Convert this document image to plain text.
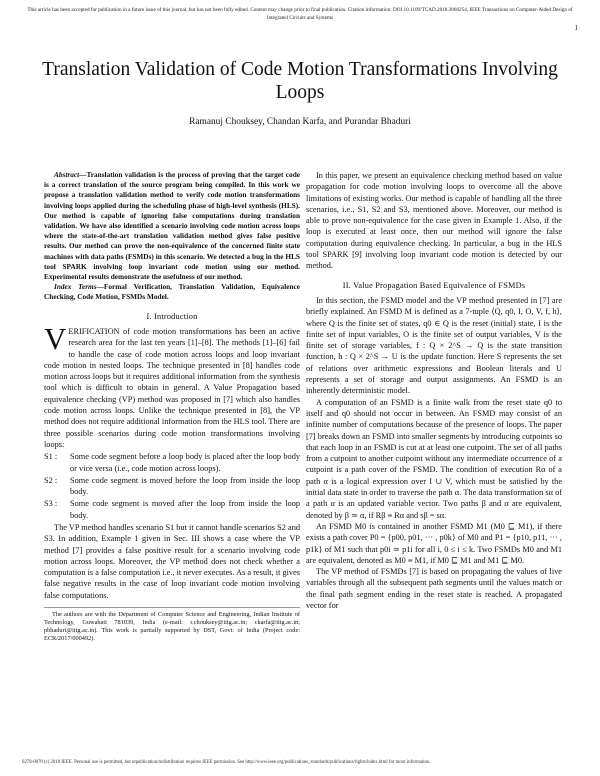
This article has been accepted for publication in a future issue of this journal, but has not been fully edited. Content may change prior to final publication. Citation information: DOI 10.1109/TCAD.2018.2866254, IEEE Transactions on Computer-Aided Design of Integrated Circuits and Systems
1
Translation Validation of Code Motion Transformations Involving Loops
Ramanuj Chouksey, Chandan Karfa, and Purandar Bhaduri

Abstract—Translation validation is the process of proving that the target code is a correct translation of the source program being compiled. In this work we propose a translation validation method to verify code motion transformations involving loops applied during the scheduling phase of high-level synthesis (HLS). Our method is capable of ignoring false computations during translation validation. We have also identified a scenario involving code motion across loops where the state-of-the-art translation validation method gives false positive results. Our method can prove the non-equivalence of the concerned finite state machines with data paths (FSMDs) in this scenario. We detected a bug in the HLS tool SPARK involving loop invariant code motion using our method. Experimental results demonstrate the usefulness of our method.

Index Terms—Formal Verification, Translation Validation, Equivalence Checking, Code Motion, FSMDs Model.

I. Introduction

VERIFICATION of code motion transformations has been an active research area for the last ten years [1]–[8]. The methods [1]–[6] fail to handle the case of code motion across loops and loop invariant code motion in nested loops. The technique presented in [8] handles code motion across loops but it requires additional information from the synthesis tool which is difficult to obtain in general. A Value Propagation based equivalence checking (VP) method was proposed in [7] which also handles code motion across loops. Unlike the technique presented in [8], the VP method does not require additional information from the HLS tool. There are three possible scenarios during code motion transformations involving loops:

S1 :	Some code segment before a loop body is placed after the loop body or vice versa (i.e., code motion across loops).
S2 :	Some code segment is moved before the loop from inside the loop body.
S3 :	Some code segment is moved after the loop from inside the loop body.

The VP method handles scenario S1 but it cannot handle scenarios S2 and S3. In addition, Example 1 given in Sec. III shows a case where the VP method [7] provides a false positive result for a scenario involving code motion across loops. Moreover, the VP method does not check whether a computation is a false computation i.e., it never executes. As a result, it gives false negative results in the case of loop invariant code motion involving false computations.

The authors are with the Department of Computer Science and Engineering, Indian Institute of Technology, Guwahati 781039, India (e-mail: r.chouksey@iitg.ac.in; ckarfa@iitg.ac.in; pbhaduri@iitg.ac.in). This work is partially supported by DST, Govt. of India (Project code: ECR/2017/000492).

In this paper, we present an equivalence checking method based on value propagation for code motion involving loops to overcome all the above limitations of existing works. Our method is capable of handling all the three scenarios, i.e., S1, S2 and S3, mentioned above. Moreover, our method is able to prove non-equivalence for the case given in Example 1. Also, if the loop is executed at least once, then our method will ignore the false computation during equivalence checking. In particular, a bug in the HLS tool SPARK [9] involving loop invariant code motion is detected by our method.

II. Value Propagation Based Equivalence of FSMDs

In this section, the FSMD model and the VP method presented in [7] are briefly explained. An FSMD M is defined as a 7-tuple ⟨Q, q0, I, O, V, f, h⟩, where Q is the finite set of states, q0 ∈ Q is the reset (initial) state, I is the finite set of input variables, O is the finite set of output variables, V is the finite set of storage variables, f : Q × 2^S → Q is the state transition function, h : Q × 2^S → U is the update function. Here S represents the set of relations over arithmetic expressions and Boolean literals and U represents a set of storage and output assignments. An FSMD is an inherently deterministic model.

A computation of an FSMD is a finite walk from the reset state q0 to itself and q0 should not occur in between. An FSMD may consist of an infinite number of computations because of the presence of loops. The paper [7] breaks down an FSMD into smaller segments by introducing cutpoints so that each loop in an FSMD is cut at at least one cutpoint. The set of all paths from a cutpoint to another cutpoint without any intermediate occurrence of a cutpoint is a path cover of the FSMD. The condition of execution Rα of a path α is a logical expression over I ∪ V, which must be satisfied by the initial data state in order to traverse the path α. The data transformation sα of a path α is an updated variable vector. Two paths β and α are equivalent, denoted by β ≃ α, if Rβ ≡ Rα and sβ = sα.

An FSMD M0 is contained in another FSMD M1 (M0 ⊑ M1), if there exists a path cover P0 = {p00, p01, ··· , p0k} of M0 and P1 = {p10, p11, ··· , p1k} of M1 such that p0i ≃ p1i for all i, 0 ≤ i ≤ k. Two FSMDs M0 and M1 are equivalent, denoted as M0 ≡ M1, if M0 ⊑ M1 and M1 ⊑ M0.

The VP method of FSMDs [7] is based on propagating the values of live variables through all the subsequent path segments until the values match or the final path segment ending in the reset state is reached. A propagated vector for

0278-0070 (c) 2018 IEEE. Personal use is permitted, but republication/redistribution requires IEEE permission. See http://www.ieee.org/publications_standards/publications/rights/index.html for more information.
